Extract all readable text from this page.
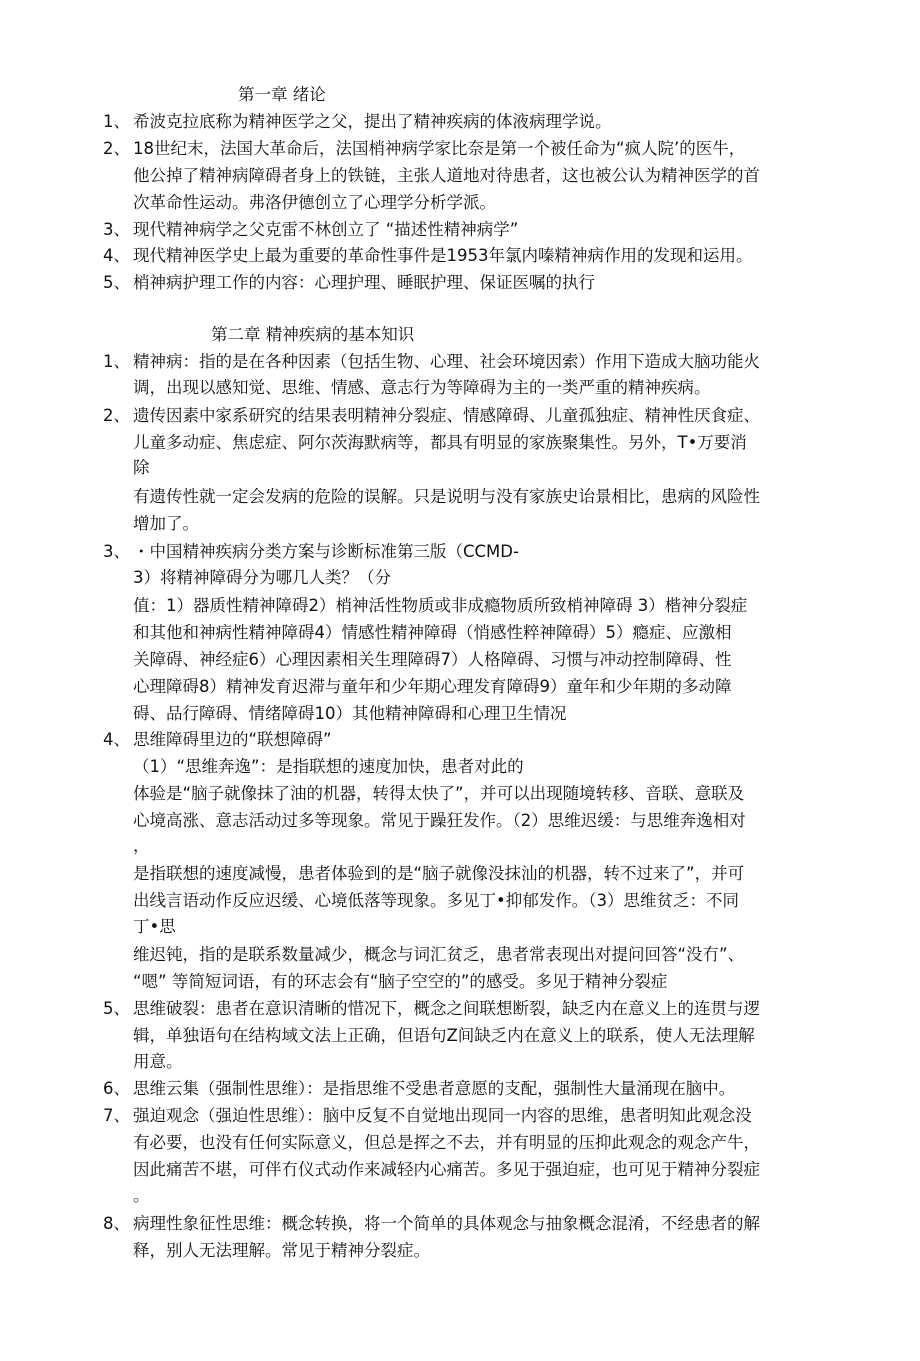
第一章 绪论
1、 希波克拉底称为精神医学之父，提出了精神疾病的体液病理学说。
2、 18世纪末，法国大革命后，法国梢神病学家比奈是第一个被任命为“疯人院’的医牛，
他公掉了精神病障碍者身上的铁链，主张人道地对待患者，这也被公认为精神医学的首
次革命性运动。弗洛伊德创立了心理学分析学派。
3、 现代精神病学之父克雷不林创立了 “描述性精神病学”
4、 现代精神医学史上最为重要的革命性事件是1953年氯内嗪精神病作用的发现和运用。
5、 梢神病护理工作的内容：心理护理、睡眠护理、保证医嘱的执行
第二章 精神疾病的基本知识
1、 精神病：指的是在各种因素（包括生物、心理、社会环境因索）作用下造成大脑功能火
调，出现以感知觉、思维、情感、意志行为等障碍为主的一类严重的精神疾病。
2、 遗传因素中家系研究的结果表明精神分裂症、情感障碍、儿童孤独症、精神性厌食症、
儿童多动症、焦虑症、阿尔茨海默病等，都具有明显的家族聚集性。另外，T•万要消
除
有遗传性就一定会发病的危险的误解。只是说明与没有家族史诒景相比，患病的风险性
增加了。
3、 ・中国精神疾病分类方案与诊断标准第三版（CCMD-
3）将精神障碍分为哪几人类？（分
值：1）器质性精神障碍2）梢神活性物质或非成瘾物质所致梢神障碍 3）楷神分裂症
和其他和神病性精神障碍4）情感性精神障碍（悄感性粹神障碍）5）瘾症、应激相
关障碍、神经症6）心理因素相关生理障碍7）人格障碍、习惯与冲动控制障碍、性
心理障碍8）精神发育迟滞与童年和少年期心理发育障碍9）童年和少年期的多动障
碍、品行障碍、情绪障碍10）其他精神障碍和心理卫生情况
4、 思维障碍里边的“联想障碍”
（1）“思维奔逸”：是指联想的速度加快，患者对此的
体验是“脑子就像抹了油的机器，转得太快了”，并可以出现随境转移、音联、意联及
心境高涨、意志活动过多等现象。常见于躁狂发作。（2）思维迟缓：与思维奔逸相对
，
是指联想的速度减慢，患者体验到的是“脑子就像没抹汕的机器，转不过来了”，并可
出线言语动作反应迟缓、心境低落等现象。多见丁•抑郁发作。（3）思维贫乏：不同
丁•思
维迟钝，指的是联系数量减少，概念与词汇贫乏，患者常表现出对提问回答“没冇”、
“嗯” 等简短词语，有的环志会有“脑子空空的”的感受。多见于精神分裂症
5、 思维破裂：患者在意识清晰的惜况下，概念之间联想断裂，缺乏内在意义上的连贯与逻
辑，单独语句在结构域文法上正确，但语句Z间缺乏内在意义上的联系，使人无法理解
用意。
6、 思维云集（强制性思维）：是指思维不受患者意愿的支配，强制性大量涌现在脑中。
7、 强迫观念（强迫性思维）：脑中反复不自觉地出现同一内容的思维，患者明知此观念没
有必要，也没有任何实际意义，但总是挥之不去，并有明显的压抑此观念的观念产牛，
因此痛苦不堪，可伴冇仪式动作来减轻内心痛苦。多见于强迫症，也可见于精神分裂症
。
8、 病理性象征性思维：概念转换，将一个简单的具体观念与抽象概念混淆，不经患者的解
释，别人无法理解。常见于精神分裂症。
